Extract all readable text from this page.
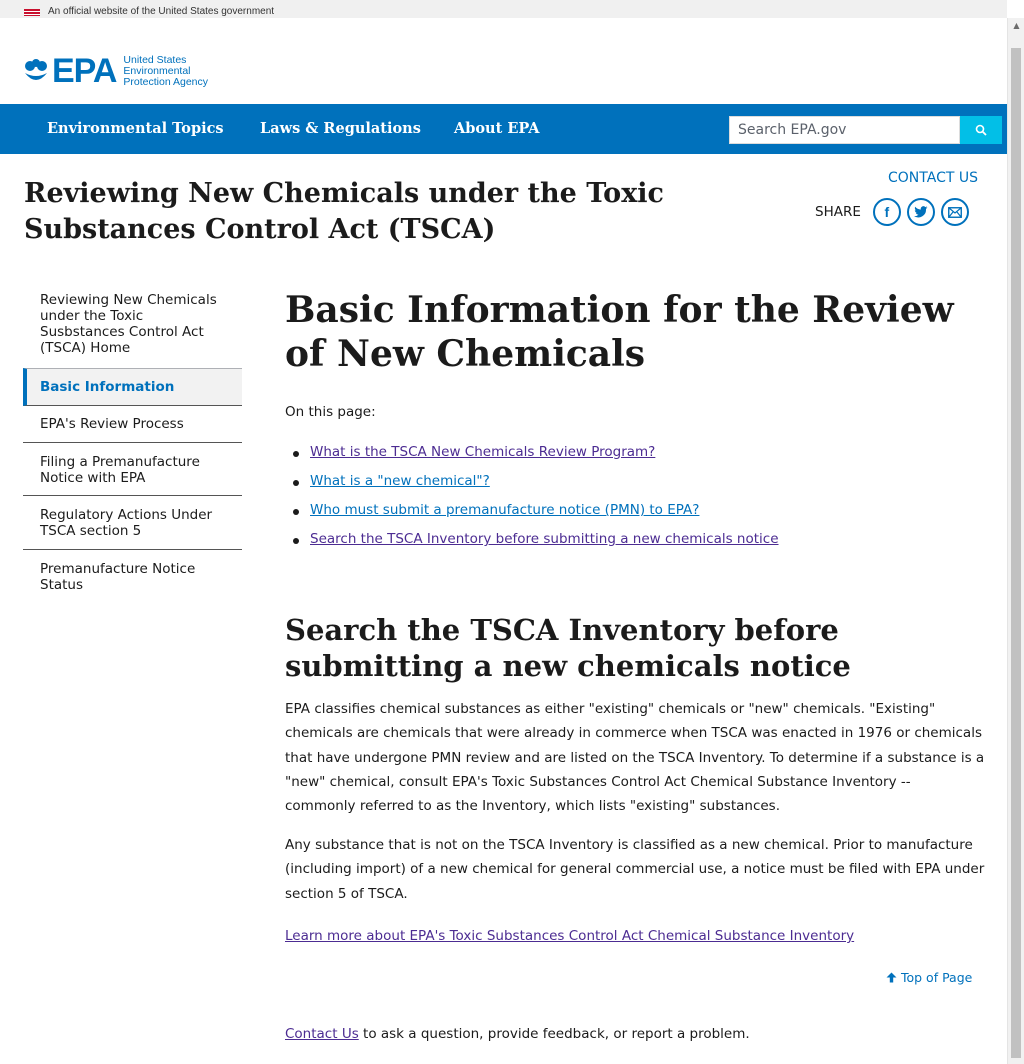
An official website of the United States government
▲
EPA United States
Environmental
Protection Agency
Environmental Topics	Laws & Regulations About EPA	Search EPA.gov
Reviewing New Chemicals under the Toxic Substances Control Act (TSCA)
CONTACT US
SHARE	f
Reviewing New Chemicals under the Toxic Susbstances Control Act (TSCA) Home
Basic Information
EPA's Review Process
Filing a Premanufacture Notice with EPA
Regulatory Actions Under TSCA section 5
Premanufacture Notice Status
Basic Information for the Review of New Chemicals

On this page:

What is the TSCA New Chemicals Review Program?
What is a "new chemical"?
Who must submit a premanufacture notice (PMN) to EPA?
Search the TSCA Inventory before submitting a new chemicals notice
Search the TSCA Inventory before submitting a new chemicals notice

EPA classifies chemical substances as either "existing" chemicals or "new" chemicals. "Existing" chemicals are chemicals that were already in commerce when TSCA was enacted in 1976 or chemicals that have undergone PMN review and are listed on the TSCA Inventory. To determine if a substance is a "new" chemical, consult EPA's Toxic Substances Control Act Chemical Substance Inventory -- commonly referred to as the Inventory, which lists "existing" substances.

Any substance that is not on the TSCA Inventory is classified as a new chemical. Prior to manufacture (including import) of a new chemical for general commercial use, a notice must be filed with EPA under section 5 of TSCA.

Learn more about EPA's Toxic Substances Control Act Chemical Substance Inventory
Top of Page

Contact Us to ask a question, provide feedback, or report a problem.
